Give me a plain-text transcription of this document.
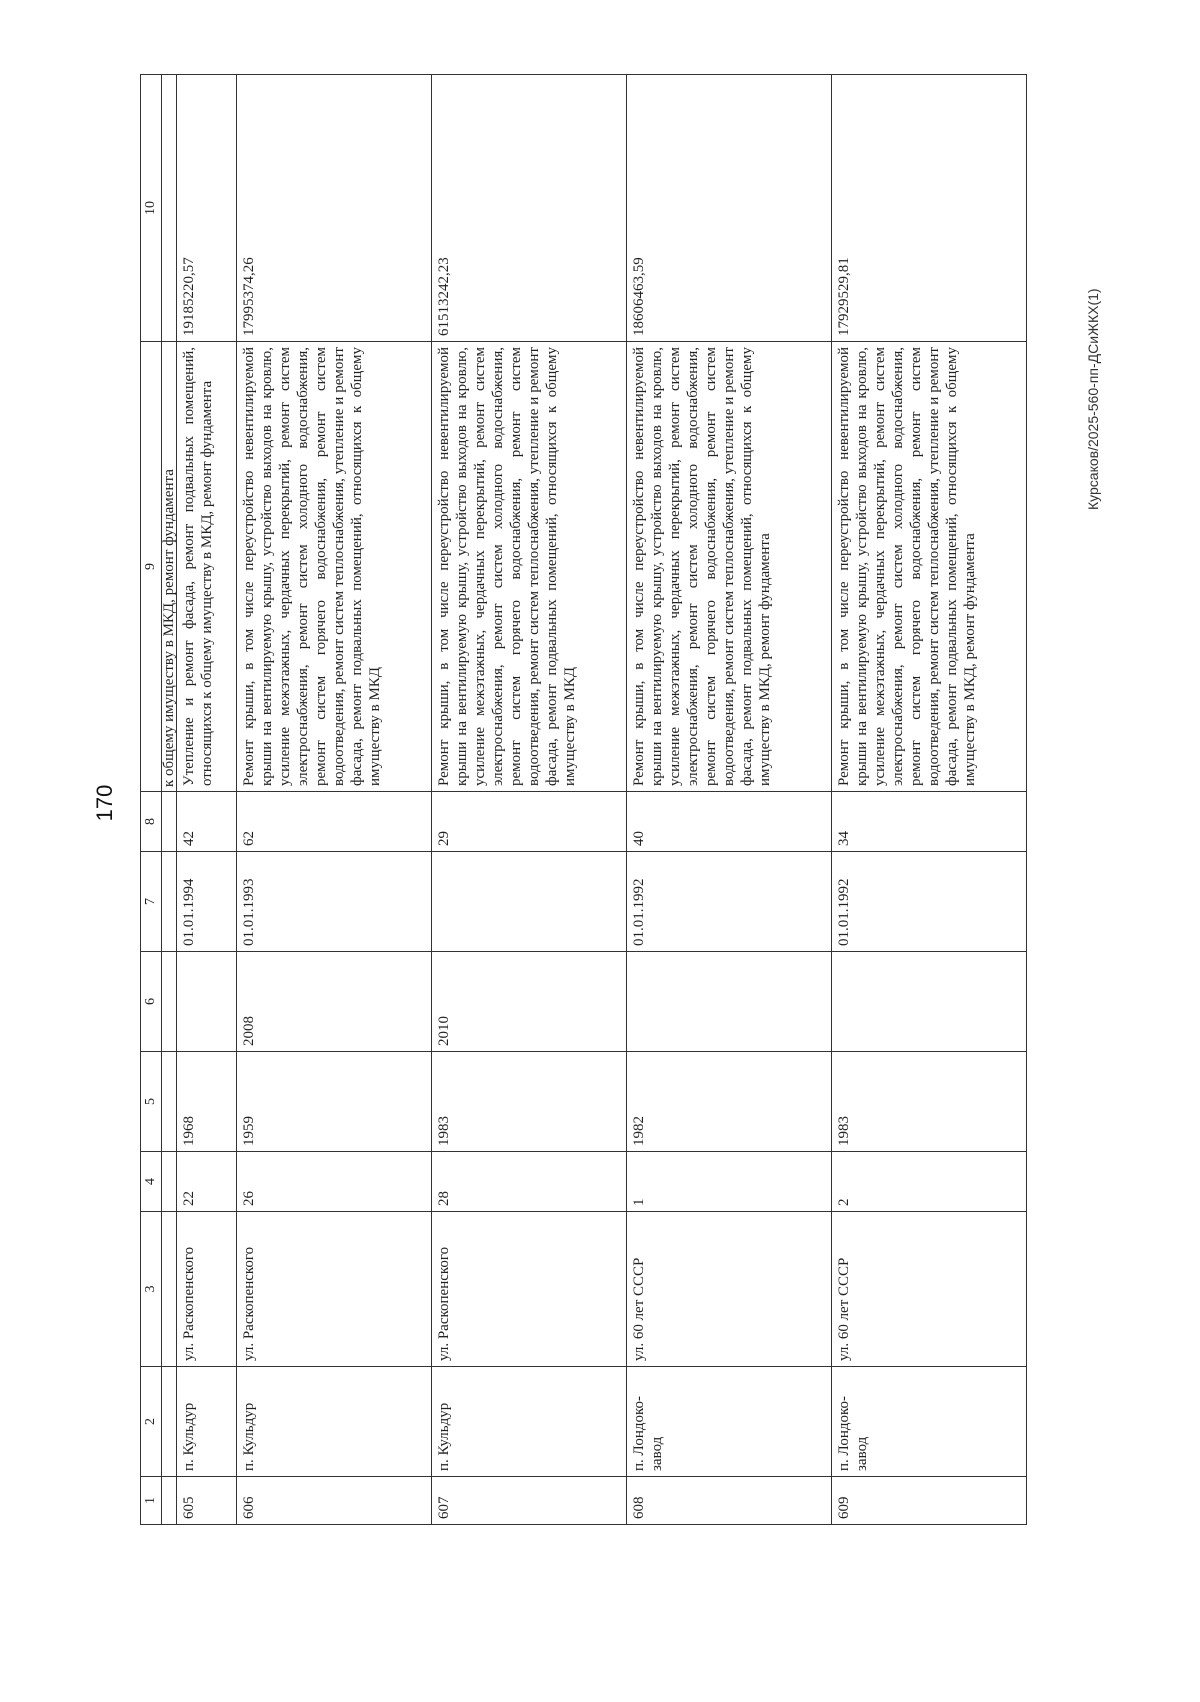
170
Курсаков/2025-560-пп-ДСиЖКХ(1)
1	2	3	4	5	6	7	8	9	10
								к общему имуществу в МКД, ремонт фундамента	
605	п. Кульдур	ул. Раскопенского	22	1968		01.01.1994	42	Утепление и ремонт фасада, ремонт подвальных помещений, относящихся к общему имуществу в МКД, ремонт фундамента	19185220,57
606	п. Кульдур	ул. Раскопенского	26	1959	2008	01.01.1993	62	Ремонт крыши, в том числе переустройство невентилируемой крыши на вентилируемую крышу, устройство выходов на кровлю, усиление межэтажных, чердачных перекрытий, ремонт систем электроснабжения, ремонт систем холодного водоснабжения, ремонт систем горячего водоснабжения, ремонт систем водоотведения, ремонт систем теплоснабжения, утепление и ремонт фасада, ремонт подвальных помещений, относящихся к общему имуществу в МКД	17995374,26
607	п. Кульдур	ул. Раскопенского	28	1983	2010		29	Ремонт крыши, в том числе переустройство невентилируемой крыши на вентилируемую крышу, устройство выходов на кровлю, усиление межэтажных, чердачных перекрытий, ремонт систем электроснабжения, ремонт систем холодного водоснабжения, ремонт систем горячего водоснабжения, ремонт систем водоотведения, ремонт систем теплоснабжения, утепление и ремонт фасада, ремонт подвальных помещений, относящихся к общему имуществу в МКД	61513242,23
608	п. Лондоко-завод	ул. 60 лет СССР	1	1982		01.01.1992	40	Ремонт крыши, в том числе переустройство невентилируемой крыши на вентилируемую крышу, устройство выходов на кровлю, усиление межэтажных, чердачных перекрытий, ремонт систем электроснабжения, ремонт систем холодного водоснабжения, ремонт систем горячего водоснабжения, ремонт систем водоотведения, ремонт систем теплоснабжения, утепление и ремонт фасада, ремонт подвальных помещений, относящихся к общему имуществу в МКД, ремонт фундамента	18606463,59
609	п. Лондоко-завод	ул. 60 лет СССР	2	1983		01.01.1992	34	Ремонт крыши, в том числе переустройство невентилируемой крыши на вентилируемую крышу, устройство выходов на кровлю, усиление межэтажных, чердачных перекрытий, ремонт систем электроснабжения, ремонт систем холодного водоснабжения, ремонт систем горячего водоснабжения, ремонт систем водоотведения, ремонт систем теплоснабжения, утепление и ремонт фасада, ремонт подвальных помещений, относящихся к общему имуществу в МКД, ремонт фундамента	17929529,81
